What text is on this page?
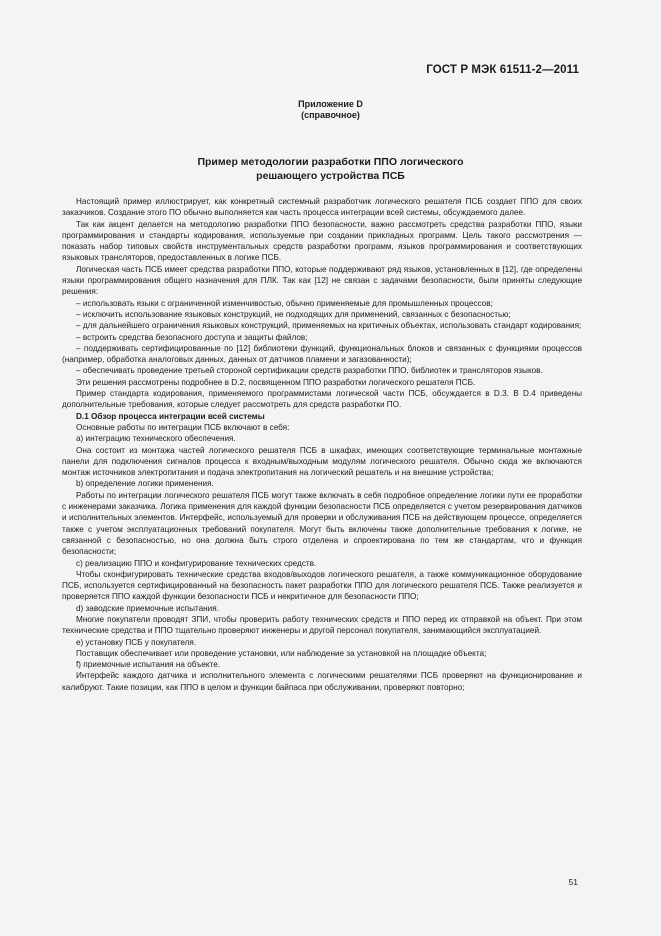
ГОСТ Р МЭК 61511-2—2011
Приложение D
(справочное)
Пример методологии разработки ППО логического
решающего устройства ПСБ

Настоящий пример иллюстрирует, как конкретный системный разработчик логического решателя ПСБ создает ППО для своих заказчиков. Создание этого ПО обычно выполняется как часть процесса интеграции всей системы, обсуждаемого далее.

Так как акцент делается на методологию разработки ППО безопасности, важно рассмотреть средства разработки ППО, языки программирования и стандарты кодирования, используемые при создании прикладных программ. Цель такого рассмотрения — показать набор типовых свойств инструментальных средств разработки программ, языков программирования и соответствующих языковых трансляторов, предоставленных в логике ПСБ.

Логическая часть ПСБ имеет средства разработки ППО, которые поддерживают ряд языков, установленных в [12], где определены языки программирования общего назначения для ПЛК. Так как [12] не связан с задачами безопасности, были приняты следующие решения:

– использовать языки с ограниченной изменчивостью, обычно применяемые для промышленных процессов;

– исключить использование языковых конструкций, не подходящих для применений, связанных с безопасностью;

– для дальнейшего ограничения языковых конструкций, применяемых на критичных объектах, использовать стандарт кодирования;

– встроить средства безопасного доступа и защиты файлов;

– поддерживать сертифицированные по [12] библиотеки функций, функциональных блоков и связанных с функциями процессов (например, обработка аналоговых данных, данных от датчиков пламени и загазованности);

– обеспечивать проведение третьей стороной сертификации средств разработки ППО, библиотек и трансляторов языков.

Эти решения рассмотрены подробнее в D.2, посвященном ППО разработки логического решателя ПСБ.

Пример стандарта кодирования, применяемого программистами логической части ПСБ, обсуждается в D.3. В D.4 приведены дополнительные требования, которые следует рассмотреть для средств разработки ПО.

D.1 Обзор процесса интеграции всей системы

Основные работы по интеграции ПСБ включают в себя:

а) интеграцию технического обеспечения.

Она состоит из монтажа частей логического решателя ПСБ в шкафах, имеющих соответствующие терминальные монтажные панели для подключения сигналов процесса к входным/выходным модулям логического решателя. Обычно сюда же включаются монтаж источников электропитания и подача электропитания на логический решатель и на внешние устройства;

b) определение логики применения.

Работы по интеграции логического решателя ПСБ могут также включать в себя подробное определение логики пути ее проработки с инженерами заказчика. Логика применения для каждой функции безопасности ПСБ определяется с учетом резервирования датчиков и исполнительных элементов. Интерфейс, используемый для проверки и обслуживания ПСБ на действующем процессе, определяется также с учетом эксплуатационных требований покупателя. Могут быть включены также дополнительные требования к логике, не связанной с безопасностью, но она должна быть строго отделена и спроектирована по тем же стандартам, что и функция безопасности;

с) реализацию ППО и конфигурирование технических средств.

Чтобы сконфигурировать технические средства входов/выходов логического решателя, а также коммуникационное оборудование ПСБ, используется сертифицированный на безопасность пакет разработки ППО для логического решателя ПСБ. Также реализуется и проверяется ППО каждой функции безопасности ПСБ и некритичное для безопасности ППО;

d) заводские приемочные испытания.

Многие покупатели проводят ЗПИ, чтобы проверить работу технических средств и ППО перед их отправкой на объект. При этом технические средства и ППО тщательно проверяют инженеры и другой персонал покупателя, занимающийся эксплуатацией.

е) установку ПСБ у покупателя.

Поставщик обеспечивает или проведение установки, или наблюдение за установкой на площадке объекта;

f) приемочные испытания на объекте.

Интерфейс каждого датчика и исполнительного элемента с логическими решателями ПСБ проверяют на функционирование и калибруют. Такие позиции, как ППО в целом и функции байпаса при обслуживании, проверяют повторно;

51
